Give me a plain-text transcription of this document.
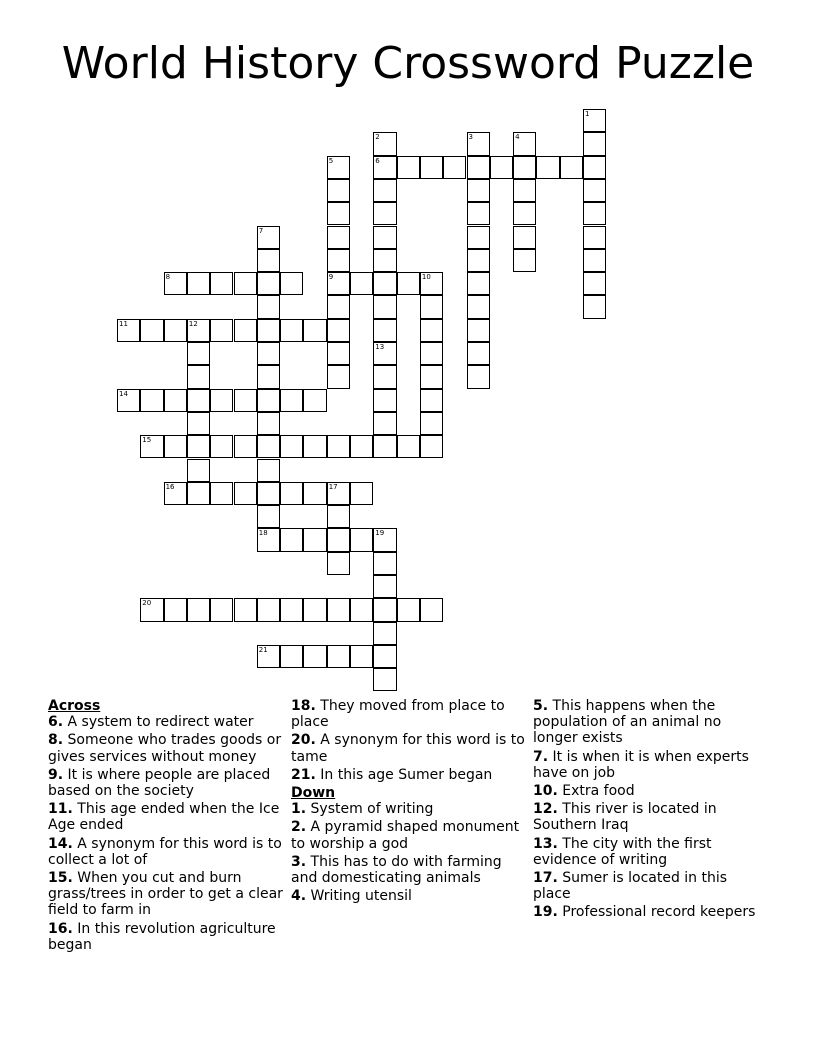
World History Crossword Puzzle
6
8	9	10
11	12
14
15
16	17
18
20
21
1
2
13
3	4
5
7
19
Across
6. A system to redirect water
8. Someone who trades goods or gives services without money
9. It is where people are placed based on the society
11. This age ended when the Ice Age ended
14. A synonym for this word is to collect a lot of
15. When you cut and burn grass/trees in order to get a clear field to farm in
16. In this revolution agriculture began
18. They moved from place to place
20. A synonym for this word is to tame
21. In this age Sumer began
Down
1. System of writing
2. A pyramid shaped monument to worship a god
3. This has to do with farming and domesticating animals
4. Writing utensil
5. This happens when the population of an animal no longer exists
7. It is when it is when experts have on job
10. Extra food
12. This river is located in Southern Iraq
13. The city with the first evidence of writing
17. Sumer is located in this place
19. Professional record keepers
